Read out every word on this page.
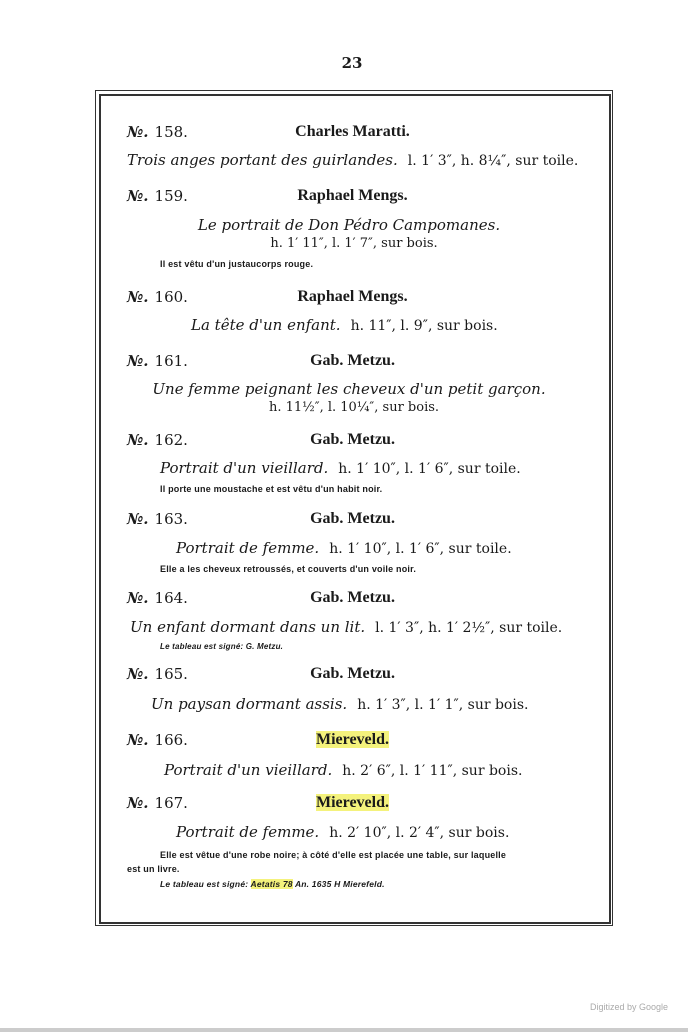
23
№. 158.	Charles Maratti.
Trois anges portant des guirlandes. l. 1′ 3″, h. 8¼″, sur toile.
№. 159.	Raphael Mengs.
Le portrait de Don Pédro Campomanes.
h. 1′ 11″, l. 1′ 7″, sur bois.
Il est vêtu d'un justaucorps rouge.
№. 160.	Raphael Mengs.
La tête d'un enfant. h. 11″, l. 9″, sur bois.
№. 161.	Gab. Metzu.
Une femme peignant les cheveux d'un petit garçon.
h. 11½″, l. 10¼″, sur bois.
№. 162.	Gab. Metzu.
Portrait d'un vieillard. h. 1′ 10″, l. 1′ 6″, sur toile.
Il porte une moustache et est vêtu d'un habit noir.
№. 163.	Gab. Metzu.
Portrait de femme. h. 1′ 10″, l. 1′ 6″, sur toile.
Elle a les cheveux retroussés, et couverts d'un voile noir.
№. 164.	Gab. Metzu.
Un enfant dormant dans un lit. l. 1′ 3″, h. 1′ 2½″, sur toile.
Le tableau est signé: G. Metzu.
№. 165.	Gab. Metzu.
Un paysan dormant assis. h. 1′ 3″, l. 1′ 1″, sur bois.
№. 166.	Miereveld.
Portrait d'un vieillard. h. 2′ 6″, l. 1′ 11″, sur bois.
№. 167.	Miereveld.
Portrait de femme. h. 2′ 10″, l. 2′ 4″, sur bois.
Elle est vêtue d'une robe noire; à côté d'elle est placée une table, sur laquelle
est un livre.
Le tableau est signé: Aetatis 78 An. 1635 H Mierefeld.
Digitized by Google
